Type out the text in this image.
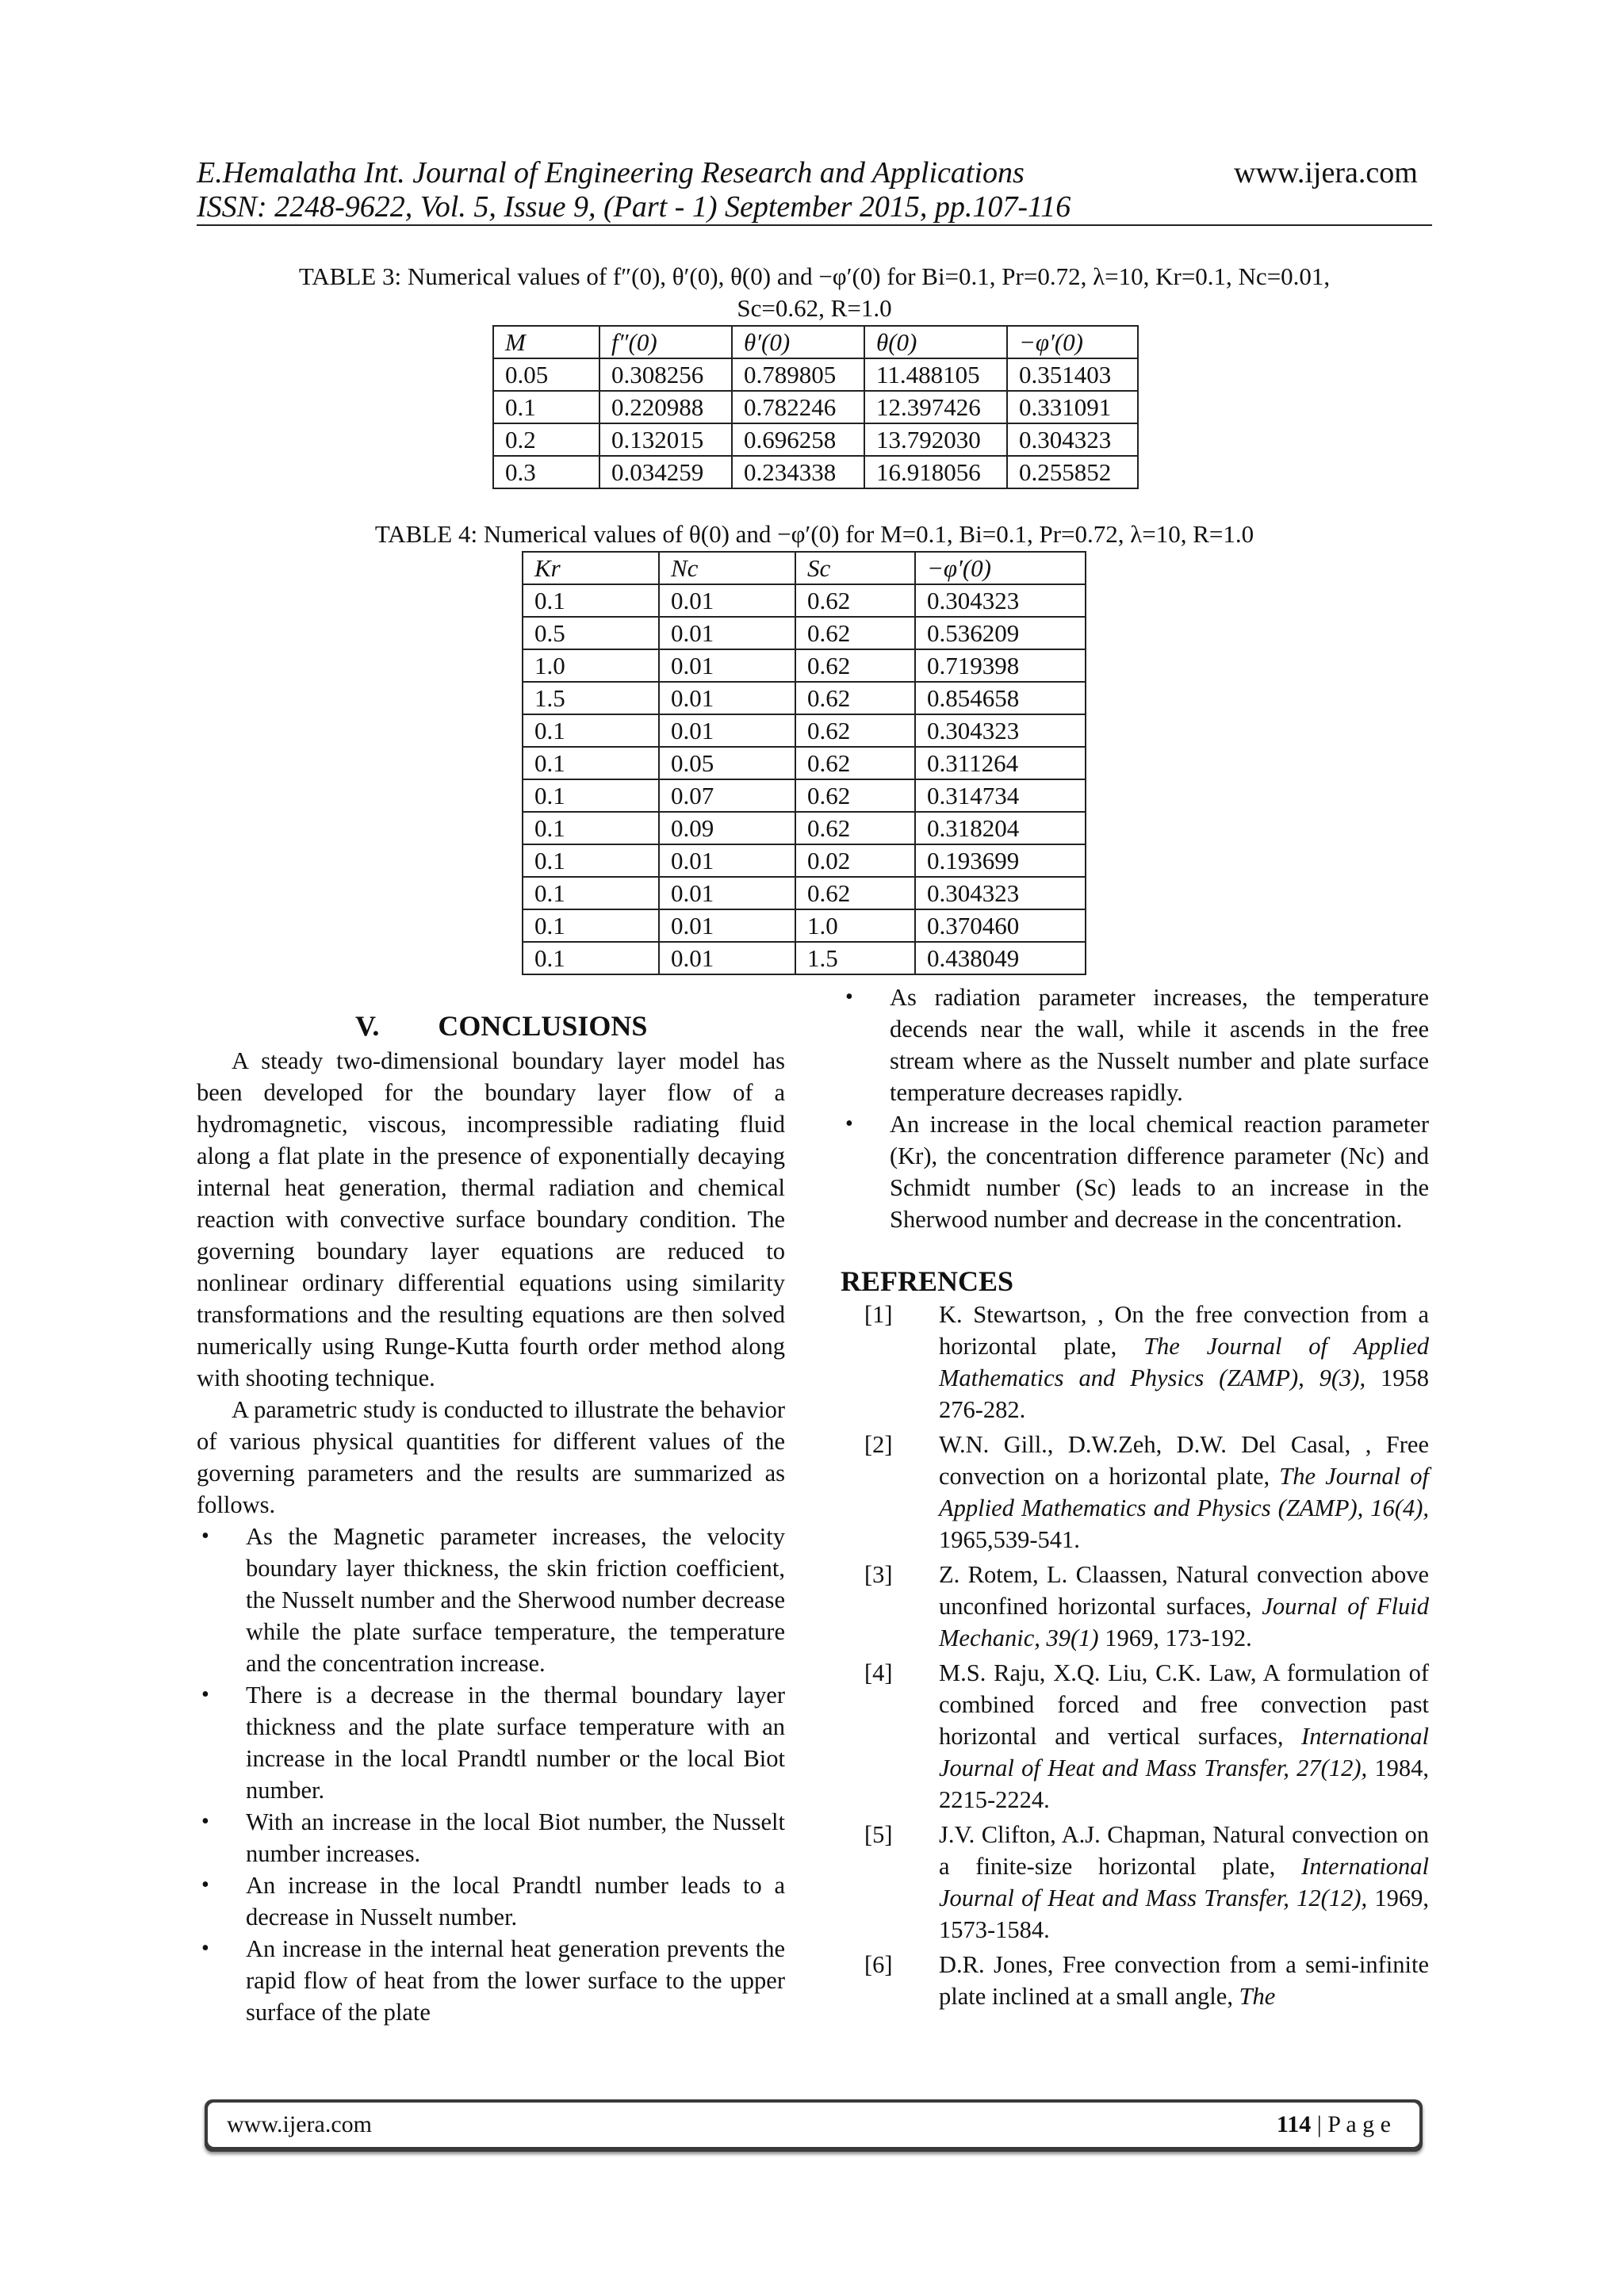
E.Hemalatha Int. Journal of Engineering Research and Applications	www.ijera.com
ISSN: 2248-9622, Vol. 5, Issue 9, (Part - 1) September 2015, pp.107-116
TABLE 3: Numerical values of f″(0), θ′(0), θ(0) and −φ′(0) for Bi=0.1, Pr=0.72, λ=10, Kr=0.1, Nc=0.01,
Sc=0.62, R=1.0
M	f″(0)	θ′(0)	θ(0)	−φ′(0)
0.05	0.308256	0.789805	11.488105	0.351403
0.1	0.220988	0.782246	12.397426	0.331091
0.2	0.132015	0.696258	13.792030	0.304323
0.3	0.034259	0.234338	16.918056	0.255852
TABLE 4: Numerical values of θ(0) and −φ′(0) for M=0.1, Bi=0.1, Pr=0.72, λ=10, R=1.0
Kr	Nc	Sc	−φ′(0)
0.1	0.01	0.62	0.304323
0.5	0.01	0.62	0.536209
1.0	0.01	0.62	0.719398
1.5	0.01	0.62	0.854658
0.1	0.01	0.62	0.304323
0.1	0.05	0.62	0.311264
0.1	0.07	0.62	0.314734
0.1	0.09	0.62	0.318204
0.1	0.01	0.02	0.193699
0.1	0.01	0.62	0.304323
0.1	0.01	1.0	0.370460
0.1	0.01	1.5	0.438049
V. CONCLUSIONS

A steady two-dimensional boundary layer model has been developed for the boundary layer flow of a hydromagnetic, viscous, incompressible radiating fluid along a flat plate in the presence of exponentially decaying internal heat generation, thermal radiation and chemical reaction with convective surface boundary condition. The governing boundary layer equations are reduced to nonlinear ordinary differential equations using similarity transformations and the resulting equations are then solved numerically using Runge-Kutta fourth order method along with shooting technique.

A parametric study is conducted to illustrate the behavior of various physical quantities for different values of the governing parameters and the results are summarized as follows.

• As the Magnetic parameter increases, the velocity boundary layer thickness, the skin friction coefficient, the Nusselt number and the Sherwood number decrease while the plate surface temperature, the temperature and the concentration increase.
• There is a decrease in the thermal boundary layer thickness and the plate surface temperature with an increase in the local Prandtl number or the local Biot number.
• With an increase in the local Biot number, the Nusselt number increases.
• An increase in the local Prandtl number leads to a decrease in Nusselt number.
• An increase in the internal heat generation prevents the rapid flow of heat from the lower surface to the upper surface of the plate
• As radiation parameter increases, the temperature decends near the wall, while it ascends in the free stream where as the Nusselt number and plate surface temperature decreases rapidly.
• An increase in the local chemical reaction parameter (Kr), the concentration difference parameter (Nc) and Schmidt number (Sc) leads to an increase in the Sherwood number and decrease in the concentration.
REFRENCES
[1] K. Stewartson, , On the free convection from a horizontal plate, The Journal of Applied Mathematics and Physics (ZAMP), 9(3), 1958 276-282.
[2] W.N. Gill., D.W.Zeh, D.W. Del Casal, , Free convection on a horizontal plate, The Journal of Applied Mathematics and Physics (ZAMP), 16(4), 1965,539-541.
[3] Z. Rotem, L. Claassen, Natural convection above unconfined horizontal surfaces, Journal of Fluid Mechanic, 39(1) 1969, 173-192.
[4] M.S. Raju, X.Q. Liu, C.K. Law, A formulation of combined forced and free convection past horizontal and vertical surfaces, International Journal of Heat and Mass Transfer, 27(12), 1984, 2215-2224.
[5] J.V. Clifton, A.J. Chapman, Natural convection on a finite-size horizontal plate, International Journal of Heat and Mass Transfer, 12(12), 1969, 1573-1584.
[6] D.R. Jones, Free convection from a semi-infinite plate inclined at a small angle, The
www.ijera.com	114 | P a g e
